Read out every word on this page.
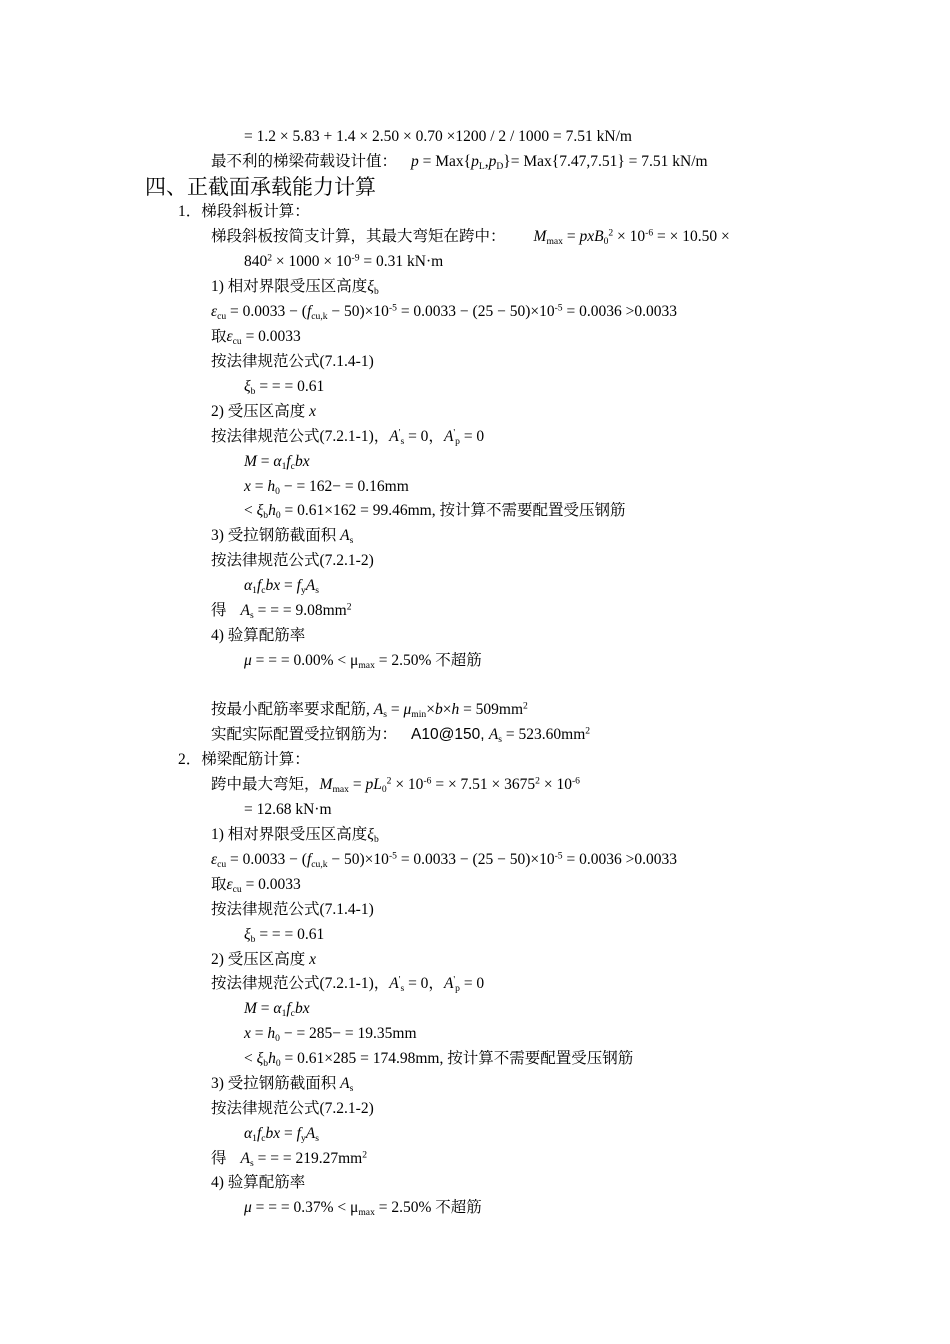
= 1.2 × 5.83 + 1.4 × 2.50 × 0.70 ×1200 / 2 / 1000 = 7.51 kN/m
最不利的梯梁荷载设计值： $p = Max\{p_L,p_D\}= Max\{7.47,7.51\} = 7.51$ kN/m
四、正截面承载能力计算
1．梯段斜板计算：
梯段斜板按简支计算，其最大弯矩在跨中： $M_{max} = pxB_0^2 \times 10^{-6}$ = × 10.50 ×
$840^2 \times 1000 \times 10^{-9} = 0.31$ kN·m
1) 相对界限受压区高度$\xi_b$
$\varepsilon_{cu} = 0.0033 - (f_{cu,k} - 50)\times 10^{-5} = 0.0033 - (25 - 50)\times 10^{-5} = 0.0036 >0.0033$
取$\varepsilon_{cu} = 0.0033$
按法律规范公式(7.1.4-1)
$\xi_b$ = = = 0.61
2) 受压区高度 x
按法律规范公式(7.2.1-1)，$A'_s = 0$，$A'_p = 0$
$M = \alpha_1f_cbx$
$x = h_0$ − = 162− = 0.16mm
< $\xi_bh_0 = 0.61\times 162 = 99.46mm$, 按计算不需要配置受压钢筋
3) 受拉钢筋截面积 $A_s$
按法律规范公式(7.2.1-2)
$\alpha_1f_cbx = f_yA_s$
得 $A_s$ = = = $9.08mm^2$
4) 验算配筋率
μ = = = $0.00\% < \mu_{max} = 2.50\%$ 不超筋
按最小配筋率要求配筋, $A_s = \mu_{min}\times b\times h = 509mm^2$
实配实际配置受拉钢筋为： A10@150, $A_s = 523.60mm^2$
2．梯梁配筋计算：
跨中最大弯矩，$M_{max} = pL_0^2 \times 10^{-6}$ = × $7.51 \times 3675^2 \times 10^{-6}$
= 12.68 kN·m
1) 相对界限受压区高度$\xi_b$
$\varepsilon_{cu} = 0.0033 - (f_{cu,k} - 50)\times 10^{-5} = 0.0033 - (25 - 50)\times 10^{-5} = 0.0036 >0.0033$
取$\varepsilon_{cu} = 0.0033$
按法律规范公式(7.1.4-1)
$\xi_b$ = = = 0.61
2) 受压区高度 x
按法律规范公式(7.2.1-1)，$A'_s = 0$，$A'_p = 0$
$M = \alpha_1f_cbx$
$x = h_0$ − = 285− = 19.35mm
< $\xi_bh_0 = 0.61\times 285 = 174.98mm$, 按计算不需要配置受压钢筋
3) 受拉钢筋截面积 $A_s$
按法律规范公式(7.2.1-2)
$\alpha_1f_cbx = f_yA_s$
得 $A_s$ = = = $219.27mm^2$
4) 验算配筋率
μ = = = $0.37\% < \mu_{max} = 2.50\%$ 不超筋
